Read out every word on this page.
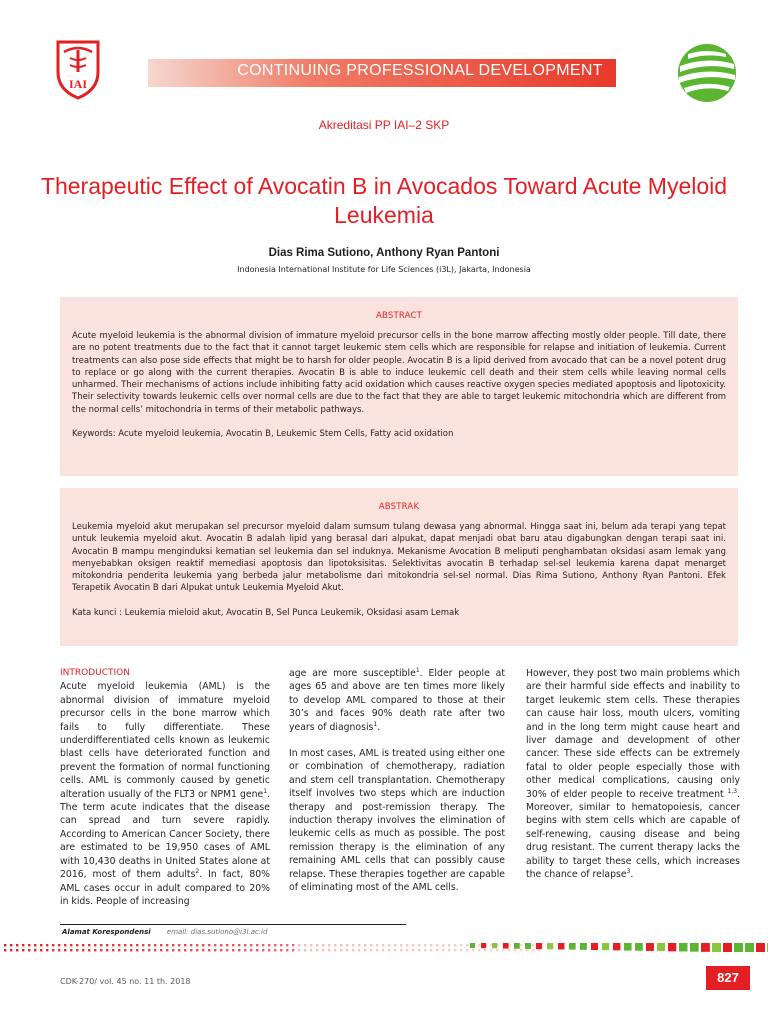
IAI
CONTINUING PROFESSIONAL DEVELOPMENT
Akreditasi PP IAI–2 SKP
Therapeutic Effect of Avocatin B in Avocados Toward Acute Myeloid Leukemia
Dias Rima Sutiono, Anthony Ryan Pantoni
Indonesia International Institute for Life Sciences (i3L), Jakarta, Indonesia
ABSTRACT
Acute myeloid leukemia is the abnormal division of immature myeloid precursor cells in the bone marrow affecting mostly older people. Till date, there are no potent treatments due to the fact that it cannot target leukemic stem cells which are responsible for relapse and initiation of leukemia. Current treatments can also pose side effects that might be to harsh for older people. Avocatin B is a lipid derived from avocado that can be a novel potent drug to replace or go along with the current therapies. Avocatin B is able to induce leukemic cell death and their stem cells while leaving normal cells unharmed. Their mechanisms of actions include inhibiting fatty acid oxidation which causes reactive oxygen species mediated apoptosis and lipotoxicity. Their selectivity towards leukemic cells over normal cells are due to the fact that they are able to target leukemic mitochondria which are different from the normal cells’ mitochondria in terms of their metabolic pathways.
Keywords: Acute myeloid leukemia, Avocatin B, Leukemic Stem Cells, Fatty acid oxidation
ABSTRAK
Leukemia myeloid akut merupakan sel precursor myeloid dalam sumsum tulang dewasa yang abnormal. Hingga saat ini, belum ada terapi yang tepat untuk leukemia myeloid akut. Avocatin B adalah lipid yang berasal dari alpukat, dapat menjadi obat baru atau digabungkan dengan terapi saat ini. Avocatin B mampu menginduksi kematian sel leukemia dan sel induknya. Mekanisme Avocation B meliputi penghambatan oksidasi asam lemak yang menyebabkan oksigen reaktif memediasi apoptosis dan lipotoksisitas. Selektivitas avocatin B terhadap sel-sel leukemia karena dapat menarget mitokondria penderita leukemia yang berbeda jalur metabolisme dari mitokondria sel-sel normal. Dias Rima Sutiono, Anthony Ryan Pantoni. Efek Terapetik Avocatin B dari Alpukat untuk Leukemia Myeloid Akut.
Kata kunci : Leukemia mieloid akut, Avocatin B, Sel Punca Leukemik, Oksidasi asam Lemak
INTRODUCTION

Acute myeloid leukemia (AML) is the abnormal division of immature myeloid precursor cells in the bone marrow which fails to fully differentiate. These underdifferentiated cells known as leukemic blast cells have deteriorated function and prevent the formation of normal functioning cells. AML is commonly caused by genetic alteration usually of the FLT3 or NPM1 gene$^1$. The term acute indicates that the disease can spread and turn severe rapidly. According to American Cancer Society, there are estimated to be 19,950 cases of AML with 10,430 deaths in United States alone at 2016, most of them adults$^2$. In fact, 80% AML cases occur in adult compared to 20% in kids. People of increasing

age are more susceptible$^1$. Elder people at ages 65 and above are ten times more likely to develop AML compared to those at their 30’s and faces 90% death rate after two years of diagnosis$^1$.

In most cases, AML is treated using either one or combination of chemotherapy, radiation and stem cell transplantation. Chemotherapy itself involves two steps which are induction therapy and post-remission therapy. The induction therapy involves the elimination of leukemic cells as much as possible. The post remission therapy is the elimination of any remaining AML cells that can possibly cause relapse. These therapies together are capable of eliminating most of the AML cells.

However, they post two main problems which are their harmful side effects and inability to target leukemic stem cells. These therapies can cause hair loss, mouth ulcers, vomiting and in the long term might cause heart and liver damage and development of other cancer. These side effects can be extremely fatal to older people especially those with other medical complications, causing only 30% of elder people to receive treatment $^{1,3}$. Moreover, similar to hematopoiesis, cancer begins with stem cells which are capable of self-renewing, causing disease and being drug resistant. The current therapy lacks the ability to target these cells, which increases the chance of relapse$^3$.

Alamat Korespondensi email: dias.sutiono@i3l.ac.id
CDK-270/ vol. 45 no. 11 th. 2018	827
